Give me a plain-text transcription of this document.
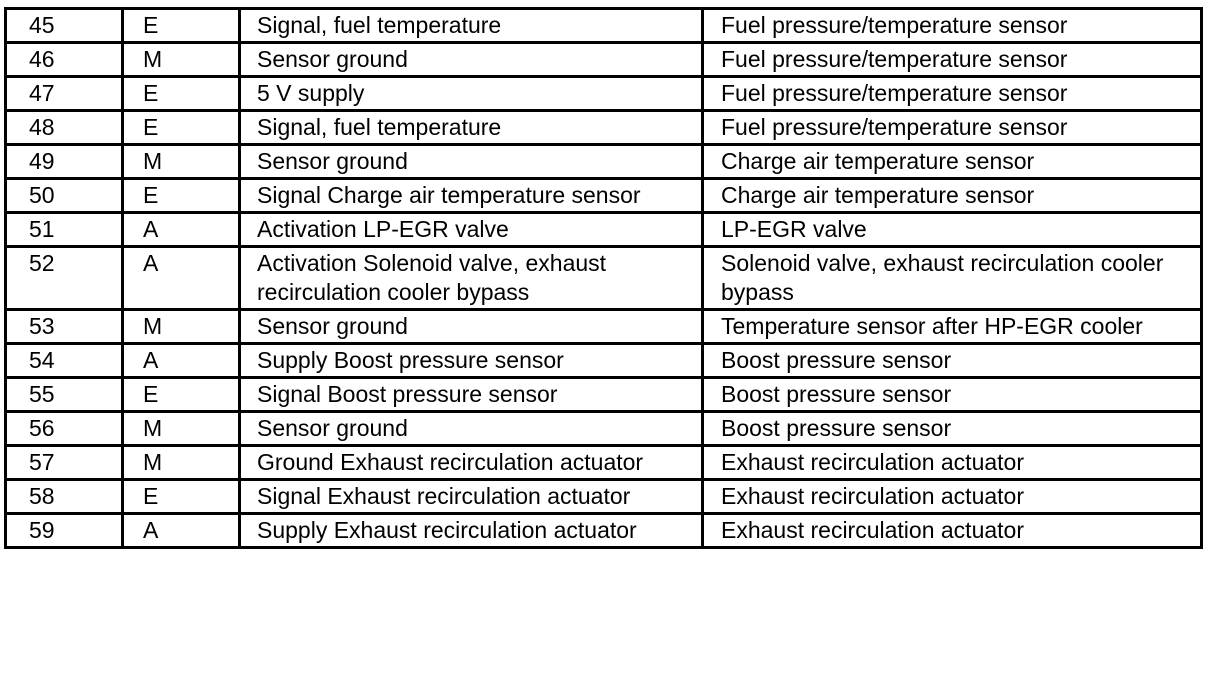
45	E	Signal, fuel temperature	Fuel pressure/temperature sensor
46	M	Sensor ground	Fuel pressure/temperature sensor
47	E	5 V supply	Fuel pressure/temperature sensor
48	E	Signal, fuel temperature	Fuel pressure/temperature sensor
49	M	Sensor ground	Charge air temperature sensor
50	E	Signal Charge air temperature sensor	Charge air temperature sensor
51	A	Activation LP-EGR valve	LP-EGR valve
52	A	Activation Solenoid valve, exhaust recirculation cooler bypass	Solenoid valve, exhaust recirculation cooler bypass
53	M	Sensor ground	Temperature sensor after HP-EGR cooler
54	A	Supply Boost pressure sensor	Boost pressure sensor
55	E	Signal Boost pressure sensor	Boost pressure sensor
56	M	Sensor ground	Boost pressure sensor
57	M	Ground Exhaust recirculation actuator	Exhaust recirculation actuator
58	E	Signal Exhaust recirculation actuator	Exhaust recirculation actuator
59	A	Supply Exhaust recirculation actuator	Exhaust recirculation actuator
